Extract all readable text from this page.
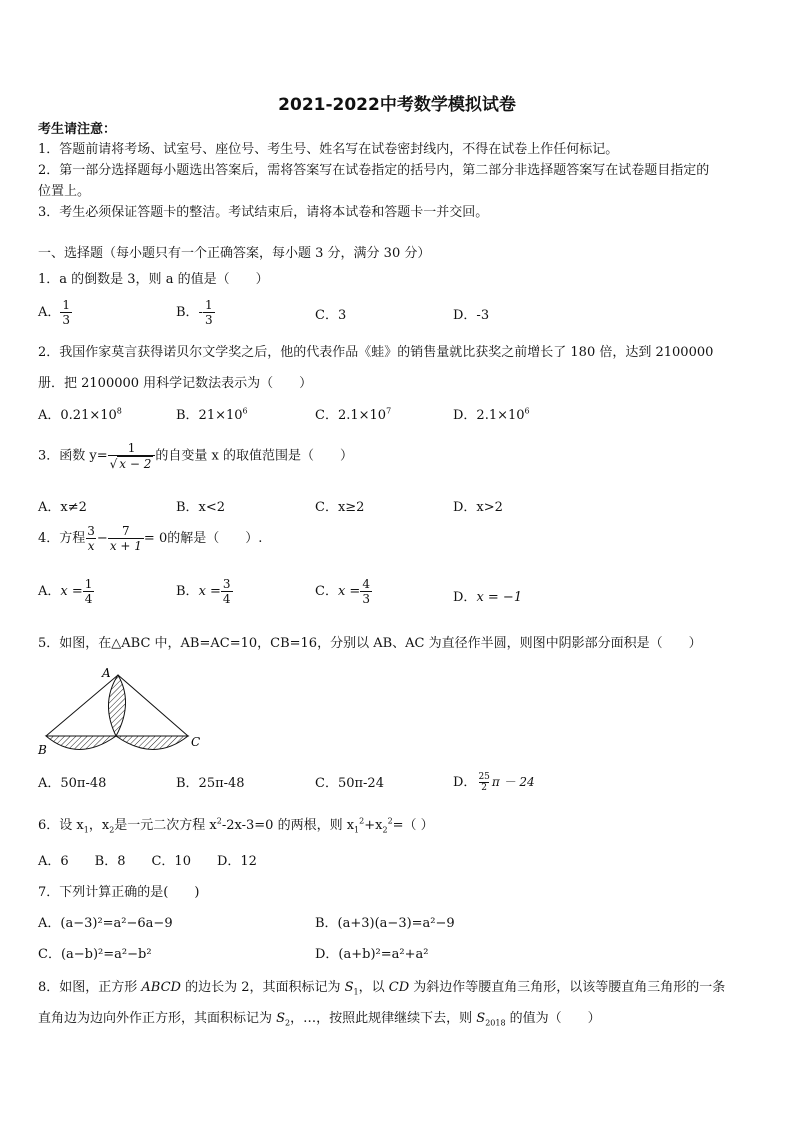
2021-2022中考数学模拟试卷
考生请注意：
1．答题前请将考场、试室号、座位号、考生号、姓名写在试卷密封线内，不得在试卷上作任何标记。
2．第一部分选择题每小题选出答案后，需将答案写在试卷指定的括号内，第二部分非选择题答案写在试卷题目指定的
位置上。
3．考生必须保证答题卡的整洁。考试结束后，请将本试卷和答题卡一并交回。
一、选择题（每小题只有一个正确答案，每小题 3 分，满分 30 分）
1．a 的倒数是 3，则 a 的值是（　　）
A． $\frac{1}{3}$	B．- $\frac{1}{3}$	C．3	D．-3
2．我国作家莫言获得诺贝尔文学奖之后，他的代表作品《蛙》的销售量就比获奖之前增长了 180 倍，达到 2100000
册．把 2100000 用科学记数法表示为（　　）
A．$0.21\times 10^8$	B．$21\times 10^6$	C．$2.1\times 10^7$	D．$2.1\times 10^6$
3．函数 $y= \frac{1}{√ x - 2}$ 的自变量 x 的取值范围是（　　）
A．x≠2	B．x<2	C．x≥2	D．x>2
4．方程 $\frac{3}{x} - \frac{7}{x + 1} = 0$的解是（　　）.
A．$x = \frac{1}{4}$	B．$x = \frac{3}{4}$	C．$x = \frac{4}{3}$	D．x = −1
5．如图，在△ABC 中，AB=AC=10，CB=16，分别以 AB、AC 为直径作半圆，则图中阴影部分面积是（　　）
A
B
C
A．50π-48	B．25π-48	C．50π-24	D． $\frac{25}{2}$ π － 24
6．设 $x_1$，$x_2$是一元二次方程 $x^2-2x-3=0$ 的两根，则 $x_1^2+x_2^2=$（ ）
A．6　　B．8　　C．10　　D．12
7．下列计算正确的是(　　)
A．(a−3)²=a²−6a−9	B．(a+3)(a−3)=a²−9
C．(a−b)²=a²−b²	D．(a+b)²=a²+a²
8．如图，正方形 ABCD 的边长为 2，其面积标记为 $S_1$，以 CD 为斜边作等腰直角三角形，以该等腰直角三角形的一条
直角边为边向外作正方形，其面积标记为 $S_2$，…，按照此规律继续下去，则 $S_{2018}$ 的值为（　　）
